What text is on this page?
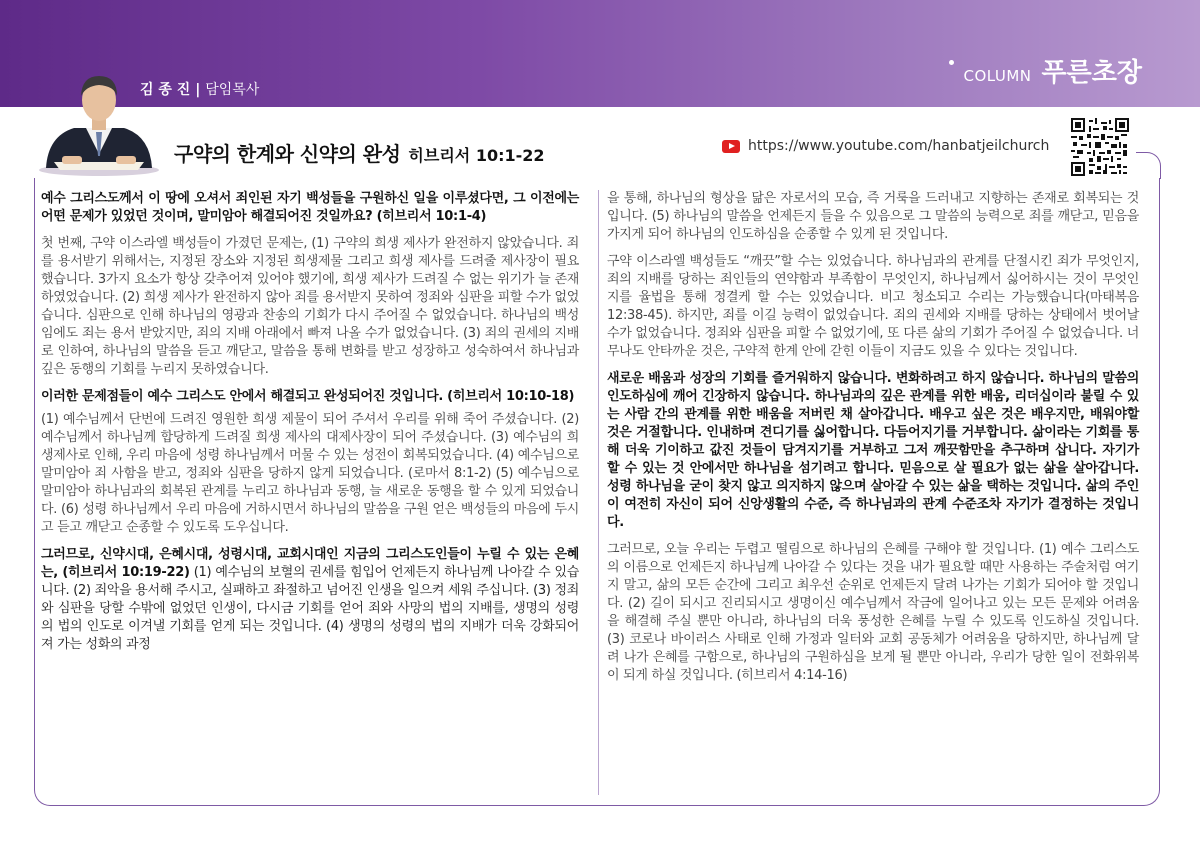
김 종 진 | 담임목사
COLUMN 푸른초장
구약의 한계와 신약의 완성 히브리서 10:1-22	https://www.youtube.com/hanbatjeilchurch

예수 그리스도께서 이 땅에 오셔서 죄인된 자기 백성들을 구원하신 일을 이루셨다면, 그 이전에는 어떤 문제가 있었던 것이며, 말미암아 해결되어진 것일까요? (히브리서 10:1-4)

첫 번째, 구약 이스라엘 백성들이 가졌던 문제는, (1) 구약의 희생 제사가 완전하지 않았습니다. 죄를 용서받기 위해서는, 지정된 장소와 지정된 희생제물 그리고 희생 제사를 드려줄 제사장이 필요했습니다. 3가지 요소가 항상 갖추어져 있어야 했기에, 희생 제사가 드려질 수 없는 위기가 늘 존재하였었습니다. (2) 희생 제사가 완전하지 않아 죄를 용서받지 못하여 정죄와 심판을 피할 수가 없었습니다. 심판으로 인해 하나님의 영광과 찬송의 기회가 다시 주어질 수 없었습니다. 하나님의 백성임에도 죄는 용서 받았지만, 죄의 지배 아래에서 빠져 나올 수가 없었습니다. (3) 죄의 권세의 지배로 인하여, 하나님의 말씀을 듣고 깨닫고, 말씀을 통해 변화를 받고 성장하고 성숙하여서 하나님과 깊은 동행의 기회를 누리지 못하였습니다.

이러한 문제점들이 예수 그리스도 안에서 해결되고 완성되어진 것입니다. (히브리서 10:10-18)

(1) 예수님께서 단번에 드려진 영원한 희생 제물이 되어 주셔서 우리를 위해 죽어 주셨습니다. (2) 예수님께서 하나님께 합당하게 드려질 희생 제사의 대제사장이 되어 주셨습니다. (3) 예수님의 희생제사로 인해, 우리 마음에 성령 하나님께서 머물 수 있는 성전이 회복되었습니다. (4) 예수님으로 말미암아 죄 사함을 받고, 정죄와 심판을 당하지 않게 되었습니다. (로마서 8:1-2) (5) 예수님으로 말미암아 하나님과의 회복된 관계를 누리고 하나님과 동행, 늘 새로운 동행을 할 수 있게 되었습니다. (6) 성령 하나님께서 우리 마음에 거하시면서 하나님의 말씀을 구원 얻은 백성들의 마음에 두시고 듣고 깨닫고 순종할 수 있도록 도우십니다.

그러므로, 신약시대, 은혜시대, 성령시대, 교회시대인 지금의 그리스도인들이 누릴 수 있는 은혜는, (히브리서 10:19-22) (1) 예수님의 보혈의 권세를 힘입어 언제든지 하나님께 나아갈 수 있습니다. (2) 죄악을 용서해 주시고, 실패하고 좌절하고 넘어진 인생을 일으켜 세워 주십니다. (3) 정죄와 심판을 당할 수밖에 없었던 인생이, 다시금 기회를 얻어 죄와 사망의 법의 지배를, 생명의 성령의 법의 인도로 이겨낼 기회를 얻게 되는 것입니다. (4) 생명의 성령의 법의 지배가 더욱 강화되어져 가는 성화의 과정

을 통해, 하나님의 형상을 닮은 자로서의 모습, 즉 거룩을 드러내고 지향하는 존재로 회복되는 것입니다. (5) 하나님의 말씀을 언제든지 들을 수 있음으로 그 말씀의 능력으로 죄를 깨닫고, 믿음을 가지게 되어 하나님의 인도하심을 순종할 수 있게 된 것입니다.

구약 이스라엘 백성들도 “깨끗”할 수는 있었습니다. 하나님과의 관계를 단절시킨 죄가 무엇인지, 죄의 지배를 당하는 죄인들의 연약함과 부족함이 무엇인지, 하나님께서 싫어하시는 것이 무엇인지를 율법을 통해 정결케 할 수는 있었습니다. 비고 청소되고 수리는 가능했습니다(마태복음 12:38-45). 하지만, 죄를 이길 능력이 없었습니다. 죄의 권세와 지배를 당하는 상태에서 벗어날 수가 없었습니다. 정죄와 심판을 피할 수 없었기에, 또 다른 삶의 기회가 주어질 수 없었습니다. 너무나도 안타까운 것은, 구약적 한계 안에 갇힌 이들이 지금도 있을 수 있다는 것입니다.

새로운 배움과 성장의 기회를 즐거워하지 않습니다. 변화하려고 하지 않습니다. 하나님의 말씀의 인도하심에 깨어 긴장하지 않습니다. 하나님과의 깊은 관계를 위한 배움, 리더십이라 불릴 수 있는 사람 간의 관계를 위한 배움을 저버린 채 살아갑니다. 배우고 싶은 것은 배우지만, 배워야할 것은 거절합니다. 인내하며 견디기를 싫어합니다. 다듬어지기를 거부합니다. 삶이라는 기회를 통해 더욱 기이하고 값진 것들이 담겨지기를 거부하고 그저 깨끗함만을 추구하며 삽니다. 자기가 할 수 있는 것 안에서만 하나님을 섬기려고 합니다. 믿음으로 살 필요가 없는 삶을 살아갑니다. 성령 하나님을 굳이 찾지 않고 의지하지 않으며 살아갈 수 있는 삶을 택하는 것입니다. 삶의 주인이 여전히 자신이 되어 신앙생활의 수준, 즉 하나님과의 관계 수준조차 자기가 결정하는 것입니다.

그러므로, 오늘 우리는 두렵고 떨림으로 하나님의 은혜를 구해야 할 것입니다. (1) 예수 그리스도의 이름으로 언제든지 하나님께 나아갈 수 있다는 것을 내가 필요할 때만 사용하는 주술처럼 여기지 말고, 삶의 모든 순간에 그리고 최우선 순위로 언제든지 달려 나가는 기회가 되어야 할 것입니다. (2) 길이 되시고 진리되시고 생명이신 예수님께서 작금에 일어나고 있는 모든 문제와 어려움을 해결해 주실 뿐만 아니라, 하나님의 더욱 풍성한 은혜를 누릴 수 있도록 인도하실 것입니다. (3) 코로나 바이러스 사태로 인해 가정과 일터와 교회 공동체가 어려움을 당하지만, 하나님께 달려 나가 은혜를 구함으로, 하나님의 구원하심을 보게 될 뿐만 아니라, 우리가 당한 일이 전화위복이 되게 하실 것입니다. (히브리서 4:14-16)
